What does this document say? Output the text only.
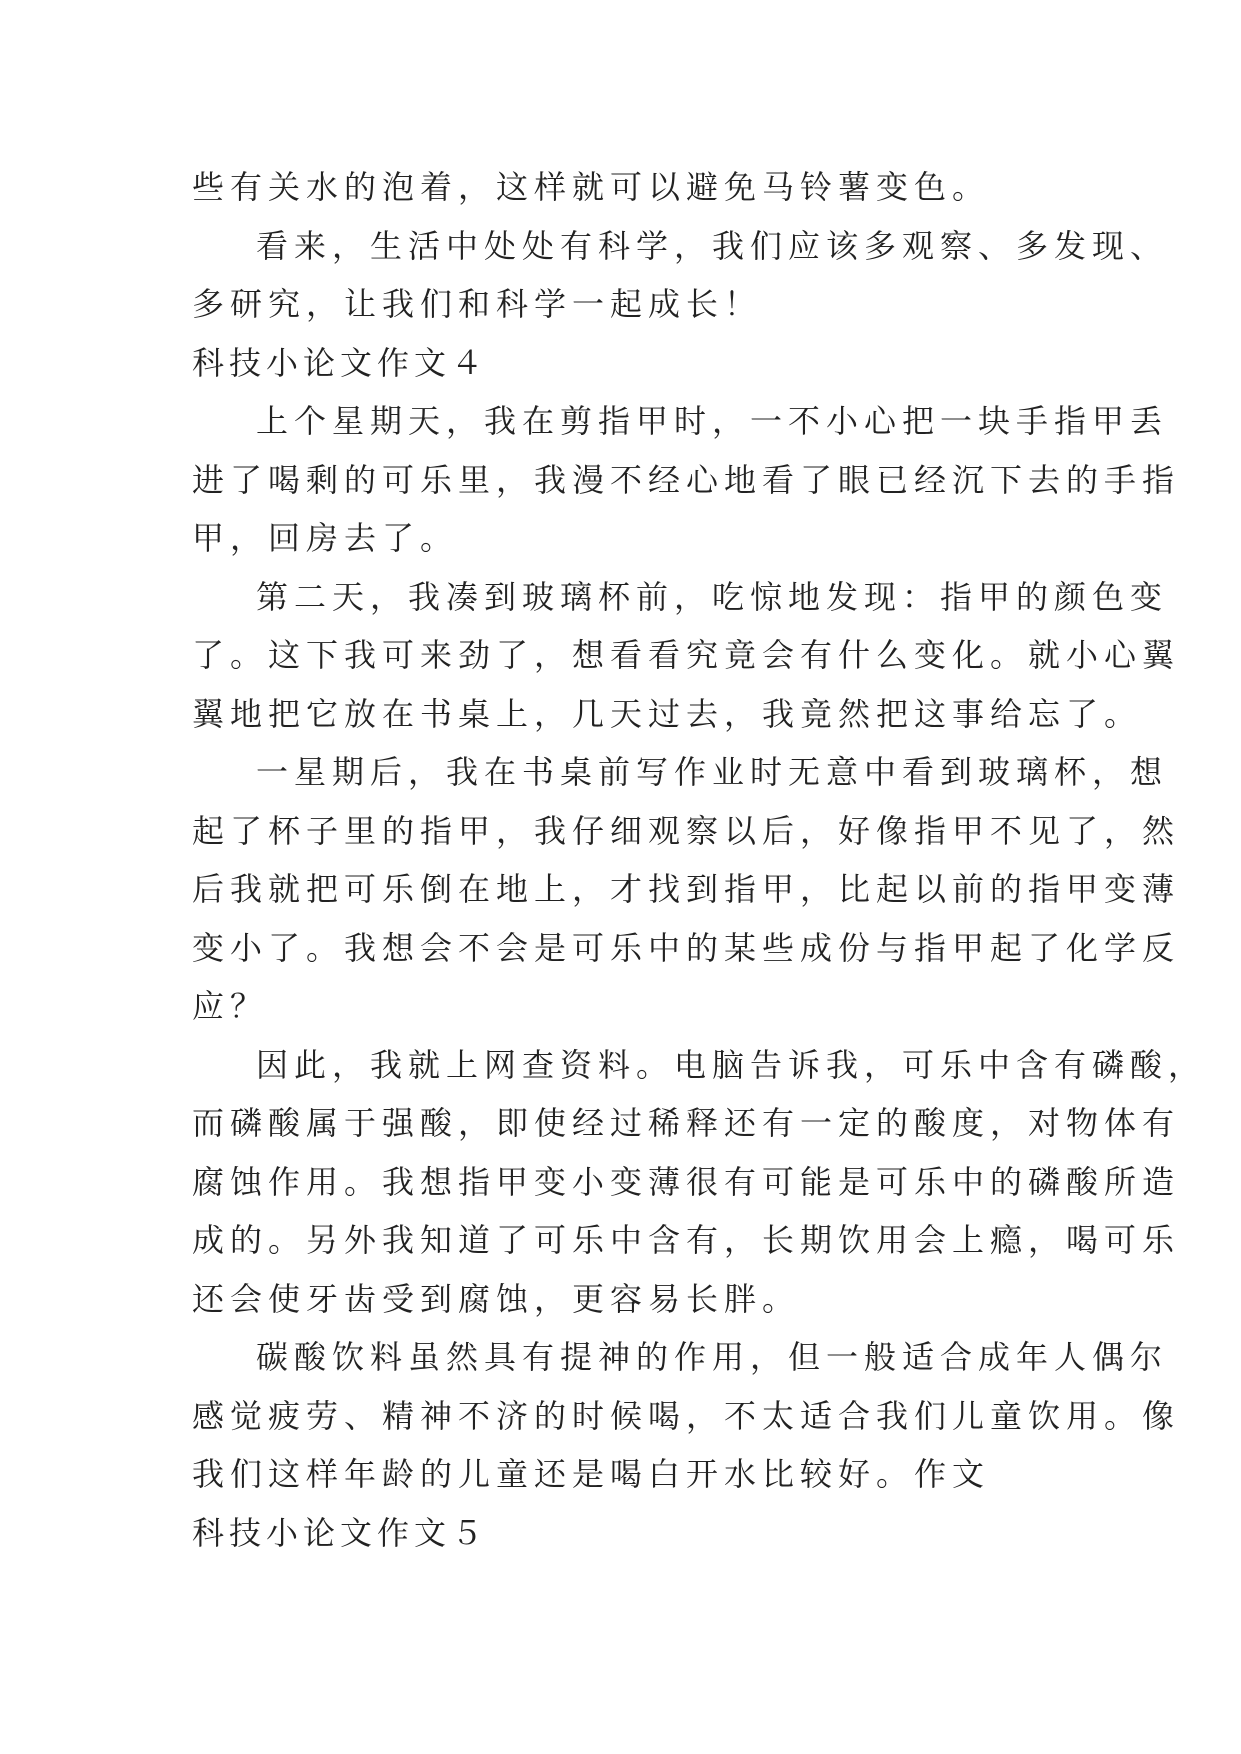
些有关水的泡着，这样就可以避免马铃薯变色。
看来，生活中处处有科学，我们应该多观察、多发现、
多研究，让我们和科学一起成长！
科技小论文作文４
上个星期天，我在剪指甲时，一不小心把一块手指甲丢
进了喝剩的可乐里，我漫不经心地看了眼已经沉下去的手指
甲，回房去了。
第二天，我凑到玻璃杯前，吃惊地发现：指甲的颜色变
了。这下我可来劲了，想看看究竟会有什么变化。就小心翼
翼地把它放在书桌上，几天过去，我竟然把这事给忘了。
一星期后，我在书桌前写作业时无意中看到玻璃杯，想
起了杯子里的指甲，我仔细观察以后，好像指甲不见了，然
后我就把可乐倒在地上，才找到指甲，比起以前的指甲变薄
变小了。我想会不会是可乐中的某些成份与指甲起了化学反
应？
因此，我就上网查资料。电脑告诉我，可乐中含有磷酸，
而磷酸属于强酸，即使经过稀释还有一定的酸度，对物体有
腐蚀作用。我想指甲变小变薄很有可能是可乐中的磷酸所造
成的。另外我知道了可乐中含有，长期饮用会上瘾，喝可乐
还会使牙齿受到腐蚀，更容易长胖。
碳酸饮料虽然具有提神的作用，但一般适合成年人偶尔
感觉疲劳、精神不济的时候喝，不太适合我们儿童饮用。像
我们这样年龄的儿童还是喝白开水比较好。作文
科技小论文作文５
